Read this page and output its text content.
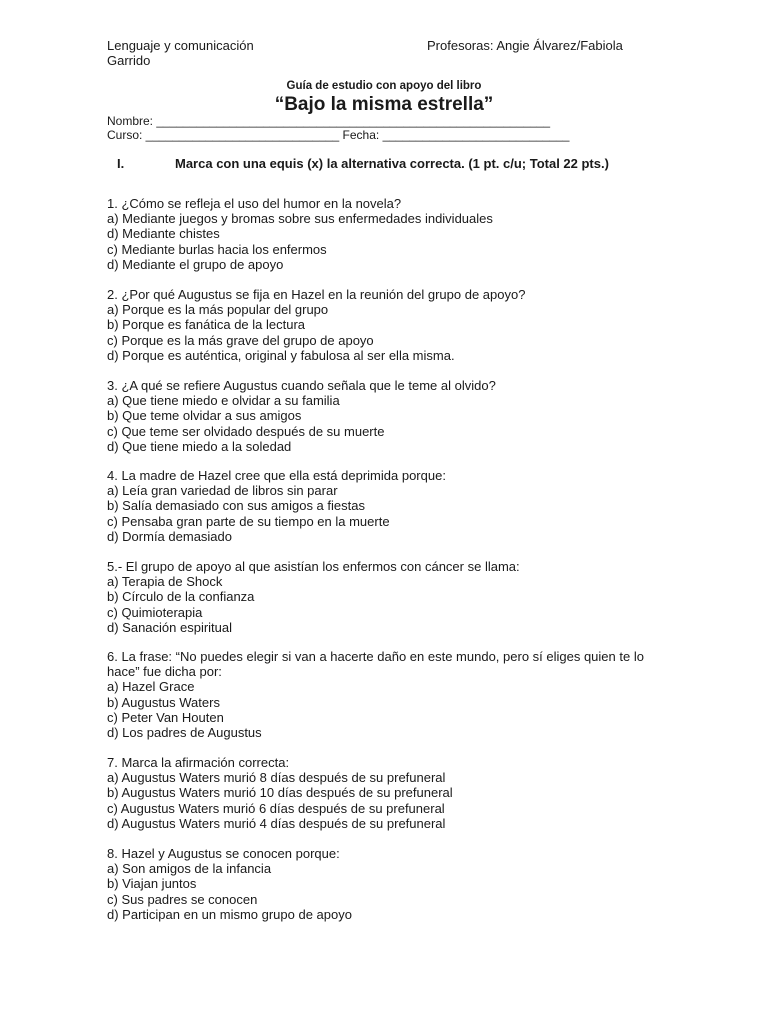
Lenguaje y comunicación	Profesoras: Angie Álvarez/Fabiola
Garrido
Guía de estudio con apoyo del libro
“Bajo la misma estrella”
Nombre: ___________________________________________________________
Curso: _____________________________ Fecha: ____________________________
I.	Marca con una equis (x) la alternativa correcta. (1 pt. c/u; Total 22 pts.)
1. ¿Cómo se refleja el uso del humor en la novela?
a) Mediante juegos y bromas sobre sus enfermedades individuales
d) Mediante chistes
c) Mediante burlas hacia los enfermos
d) Mediante el grupo de apoyo
2. ¿Por qué Augustus se fija en Hazel en la reunión del grupo de apoyo?
a) Porque es la más popular del grupo
b) Porque es fanática de la lectura
c) Porque es la más grave del grupo de apoyo
d) Porque es auténtica, original y fabulosa al ser ella misma.
3. ¿A qué se refiere Augustus cuando señala que le teme al olvido?
a) Que tiene miedo e olvidar a su familia
b) Que teme olvidar a sus amigos
c) Que teme ser olvidado después de su muerte
d) Que tiene miedo a la soledad
4. La madre de Hazel cree que ella está deprimida porque:
a) Leía gran variedad de libros sin parar
b) Salía demasiado con sus amigos a fiestas
c) Pensaba gran parte de su tiempo en la muerte
d) Dormía demasiado
5.- El grupo de apoyo al que asistían los enfermos con cáncer se llama:
a) Terapia de Shock
b) Círculo de la confianza
c) Quimioterapia
d) Sanación espiritual
6. La frase: “No puedes elegir si van a hacerte daño en este mundo, pero sí eliges quien te lo hace” fue dicha por:
a) Hazel Grace
b) Augustus Waters
c) Peter Van Houten
d) Los padres de Augustus
7. Marca la afirmación correcta:
a) Augustus Waters murió 8 días después de su prefuneral
b) Augustus Waters murió 10 días después de su prefuneral
c) Augustus Waters murió 6 días después de su prefuneral
d) Augustus Waters murió 4 días después de su prefuneral
8. Hazel y Augustus se conocen porque:
a) Son amigos de la infancia
b) Viajan juntos
c) Sus padres se conocen
d) Participan en un mismo grupo de apoyo
